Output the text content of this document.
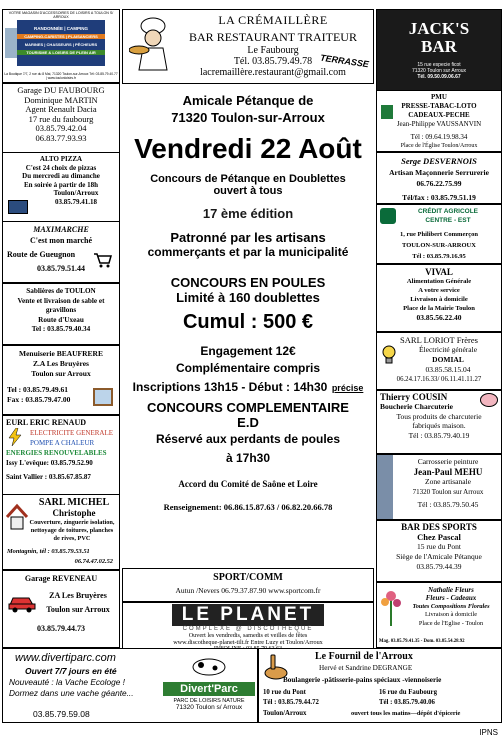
VOTRE MAGASIN D'ACCESSOIRES DE LOISIRS A TOULON S/ ARROUX
RANDONNÉE | CAMPING
CAMPING-CARISTES | PLAISANCIERS
MARINES | CHASSEURS | PÊCHEURS
TOURISME & LOISIRS DE PLEIN AIR
La Boutique 7/7, 2 rue du 8 Mai, 71320 Toulon-sur-Arroux Tél: 03.85.79.40.77 | www.toulonloisirs.fr
LA CRÉMAILLÈRE
BAR RESTAURANT TRAITEUR
Le Faubourg
Tél. 03.85.79.49.78
lacremaillère.restaurant@gmail.com
TERRASSE
JACK'S BAR
15 rue especie ficot
71320 Toulon sur Arroux
Tél. 09.50.09.06.67
Garage DU FAUBOURG
Dominique MARTIN
Agent Renault Dacia
17 rue du faubourg
03.85.79.42.04
06.83.77.93.93
ALTO PIZZA
C'est 24 choix de pizzas
Du mercredi au dimanche
En soirée à partir de 18h
Toulon/Arroux
03.85.79.41.18
MAXIMARCHE
C'est mon marché
Route de Gueugnon
03.85.79.51.44
Sablières de TOULON
Vente et livraison de sable et gravillons
Route d'Uxeau
Tel : 03.85.79.40.34
Menuiserie BEAUFRERE
Z.A Les Bruyères
Toulon sur Arroux
Tel : 03.85.79.49.61
Fax : 03.85.79.47.00
EURL ERIC RENAUD
ELECTRICITE GENERALE
POMPE A CHALEUR
ENERGIES RENOUVELABLES
Issy L'evêque: 03.85.79.52.90
Saint Vallier : 03.85.67.85.87
SARL MICHEL
Christophe
Couverture, zinguerie isolation, nettoyage de toitures, planches de rives, PVC
Montagnin, tél : 03.85.79.53.51
06.74.47.02.52
Garage REVENEAU
ZA Les Bruyères
Toulon sur Arroux
03.85.79.44.73
Amicale Pétanque de
71320 Toulon-sur-Arroux
Vendredi 22 Août
Concours de Pétanque en Doublettes
ouvert à tous
17 ème édition
Patronné par les artisans
commerçants et par la municipalité
CONCOURS EN POULES
Limité à 160 doublettes
Cumul : 500 €
Engagement 12€
Complémentaire compris
Inscriptions 13h15 - Début : 14h30 précise
CONCOURS COMPLEMENTAIRE
E.D
Réservé aux perdants de poules
à 17h30
Accord du Comité de Saône et Loire
Renseignement: 06.86.15.87.63 / 06.82.20.66.78
SPORT/COMM
Autun /Nevers 06.79.37.87.90 www.sportcom.fr
LE PLANET
COMPLEXE @ DISCOTHÈQUE
Ouvert les vendredis, samedis et veilles de fêtes
www.discotheque-planet-tilt.fr Entre Luzy et Toulon/Arroux
PMU
PRESSE-TABAC-LOTO
CADEAUX-PECHE
Jean-Philippe VAUSSANVIN
Tél : 09.64.19.98.34
Place de l'Église Toulon/Arroux
Serge DESVERNOIS
Artisan Maçonnerie Serrurerie
06.76.22.75.99
Tél/fax : 03.85.79.51.19
CRÉDIT AGRICOLE
CENTRE - EST
1, rue Philibert Commerçon
TOULON-SUR-ARROUX
Tél : 03.85.79.16.95
VIVAL
Alimentation Générale
A votre service
Livraison à domicile
Place de la Mairie Toulon
03.85.56.22.40
SARL LORIOT Frères
Électricité générale
DOMIAL
03.85.58.15.04
06.24.17.16.33/ 06.11.41.11.27
Thierry COUSIN
Boucherie Charcuterie
Tous produits de charcuterie
fabriqués maison.
Tél : 03.85.79.40.19
Carrosserie peinture
Jean-Paul MEHU
Zone artisanale
71320 Toulon sur Arroux
Tél : 03.85.79.50.45
BAR DES SPORTS
Chez Pascal
15 rue du Pont
Siège de l'Amicale Pétanque
03.85.79.44.39
Nathalie Fleurs
Fleurs - Cadeaux
Toutes Compositions Florales
Livraison à domicile
Place de l'Eglise - Toulon
Mag. 03.85.79.41.35 - Dom. 03.85.54.28.92
www.divertiparc.com
Ouvert 7/7 jours en été
Nouveauté : la Vache Ecologe !
Dormez dans une vache géante...
03.85.79.59.08
Divert'Parc
PARC DE LOISIRS NATURE
71320 Toulon s/ Arroux
Le Fournil de l'Arroux
Hervé et Sandrine DEGRANGE
Boulangerie -pâtisserie-pains spéciaux -viennoiserie
10 rue du Pont	16 rue du Faubourg
Tél : 03.85.79.44.72	Tél : 03.85.79.40.06
Toulon/Arroux	ouvert tous les matins—dépôt d'épicerie
IPNS
